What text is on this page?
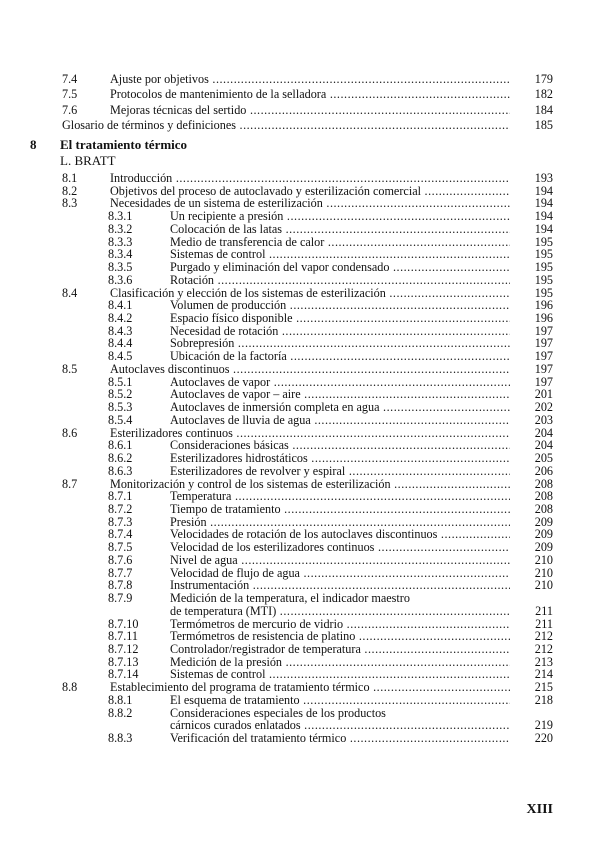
7.4	Ajuste por objetivos .....	179
7.5	Protocolos de mantenimiento de la selladora .....	182
7.6	Mejoras técnicas del sertido .....	184
Glosario de términos y definiciones .....	185
8 El tratamiento térmico
L. BRATT
8.1	Introducción .....	193
8.2	Objetivos del proceso de autoclavado y esterilización comercial .....	194
8.3	Necesidades de un sistema de esterilización .....	194
8.3.1	Un recipiente a presión .....	194
8.3.2	Colocación de las latas .....	194
8.3.3	Medio de transferencia de calor .....	195
8.3.4	Sistemas de control .....	195
8.3.5	Purgado y eliminación del vapor condensado .....	195
8.3.6	Rotación .....	195
8.4	Clasificación y elección de los sistemas de esterilización .....	195
8.4.1	Volumen de producción .....	196
8.4.2	Espacio físico disponible .....	196
8.4.3	Necesidad de rotación .....	197
8.4.4	Sobrepresión .....	197
8.4.5	Ubicación de la factoría .....	197
8.5	Autoclaves discontinuos .....	197
8.5.1	Autoclaves de vapor .....	197
8.5.2	Autoclaves de vapor – aire .....	201
8.5.3	Autoclaves de inmersión completa en agua .....	202
8.5.4	Autoclaves de lluvia de agua .....	203
8.6	Esterilizadores continuos .....	204
8.6.1	Consideraciones básicas .....	204
8.6.2	Esterilizadores hidrostáticos .....	205
8.6.3	Esterilizadores de revolver y espiral .....	206
8.7	Monitorización y control de los sistemas de esterilización .....	208
8.7.1	Temperatura .....	208
8.7.2	Tiempo de tratamiento .....	208
8.7.3	Presión .....	209
8.7.4	Velocidades de rotación de los autoclaves discontinuos .....	209
8.7.5	Velocidad de los esterilizadores continuos .....	209
8.7.6	Nivel de agua .....	210
8.7.7	Velocidad de flujo de agua .....	210
8.7.8	Instrumentación .....	210
8.7.9	Medición de la temperatura, el indicador maestro
de temperatura (MTI) .....	211
8.7.10	Termómetros de mercurio de vidrio .....	211
8.7.11	Termómetros de resistencia de platino .....	212
8.7.12	Controlador/registrador de temperatura .....	212
8.7.13	Medición de la presión .....	213
8.7.14	Sistemas de control .....	214
8.8	Establecimiento del programa de tratamiento térmico .....	215
8.8.1	El esquema de tratamiento .....	218
8.8.2	Consideraciones especiales de los productos
cárnicos curados enlatados .....	219
8.8.3	Verificación del tratamiento térmico .....	220
XIII
